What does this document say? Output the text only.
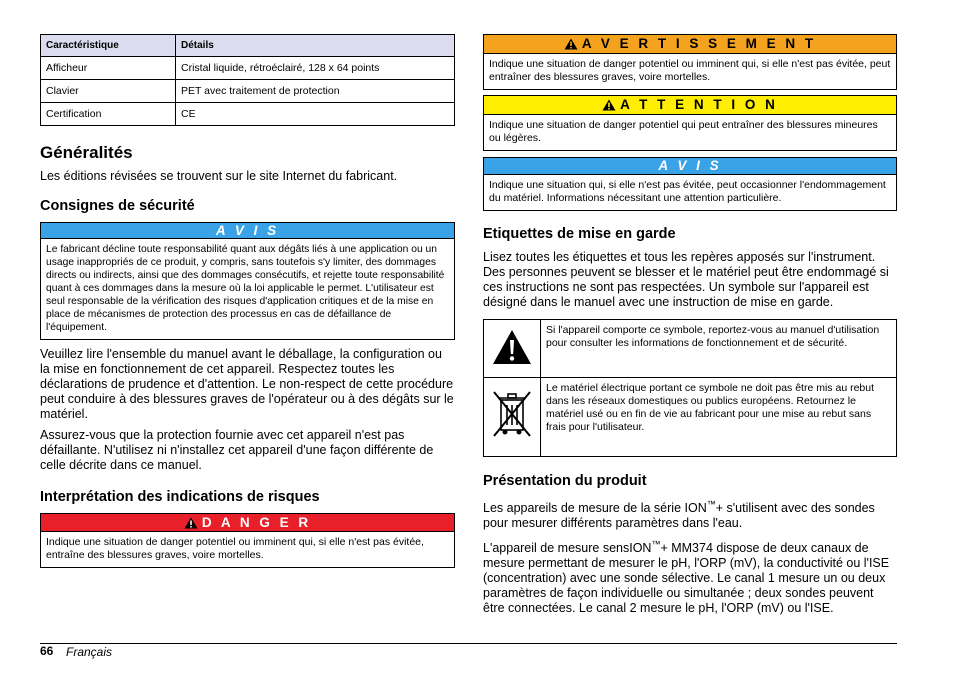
Caractéristique	Détails
Afficheur	Cristal liquide, rétroéclairé, 128 x 64 points
Clavier	PET avec traitement de protection
Certification	CE
Généralités

Les éditions révisées se trouvent sur le site Internet du fabricant.

Consignes de sécurité
A V I S
Le fabricant décline toute responsabilité quant aux dégâts liés à une application ou un usage inappropriés de ce produit, y compris, sans toutefois s'y limiter, des dommages directs ou indirects, ainsi que des dommages consécutifs, et rejette toute responsabilité quant à ces dommages dans la mesure où la loi applicable le permet. L'utilisateur est seul responsable de la vérification des risques d'application critiques et de la mise en place de mécanismes de protection des processus en cas de défaillance de l'équipement.

Veuillez lire l'ensemble du manuel avant le déballage, la configuration ou la mise en fonctionnement de cet appareil. Respectez toutes les déclarations de prudence et d'attention. Le non-respect de cette procédure peut conduire à des blessures graves de l'opérateur ou à des dégâts sur le matériel.

Assurez-vous que la protection fournie avec cet appareil n'est pas défaillante. N'utilisez ni n'installez cet appareil d'une façon différente de celle décrite dans ce manuel.

Interprétation des indications de risques
D A N G E R
Indique une situation de danger potentiel ou imminent qui, si elle n'est pas évitée, entraîne des blessures graves, voire mortelles.
A V E R T I S S E M E N T
Indique une situation de danger potentiel ou imminent qui, si elle n'est pas évitée, peut entraîner des blessures graves, voire mortelles.
A T T E N T I O N
Indique une situation de danger potentiel qui peut entraîner des blessures mineures ou légères.
A V I S
Indique une situation qui, si elle n'est pas évitée, peut occasionner l'endommagement du matériel. Informations nécessitant une attention particulière.
Etiquettes de mise en garde

Lisez toutes les étiquettes et tous les repères apposés sur l'instrument. Des personnes peuvent se blesser et le matériel peut être endommagé si ces instructions ne sont pas respectées. Un symbole sur l'appareil est désigné dans le manuel avec une instruction de mise en garde.

	Si l'appareil comporte ce symbole, reportez-vous au manuel d'utilisation pour consulter les informations de fonctionnement et de sécurité.
	Le matériel électrique portant ce symbole ne doit pas être mis au rebut dans les réseaux domestiques ou publics européens. Retournez le matériel usé ou en fin de vie au fabricant pour une mise au rebut sans frais pour l'utilisateur.
Présentation du produit

Les appareils de mesure de la série ION™+ s'utilisent avec des sondes pour mesurer différents paramètres dans l'eau.

L'appareil de mesure sensION™+ MM374 dispose de deux canaux de mesure permettant de mesurer le pH, l'ORP (mV), la conductivité ou l'ISE (concentration) avec une sonde sélective. Le canal 1 mesure un ou deux paramètres de façon individuelle ou simultanée ; deux sondes peuvent être connectées. Le canal 2 mesure le pH, l'ORP (mV) ou l'ISE.

66 Français
